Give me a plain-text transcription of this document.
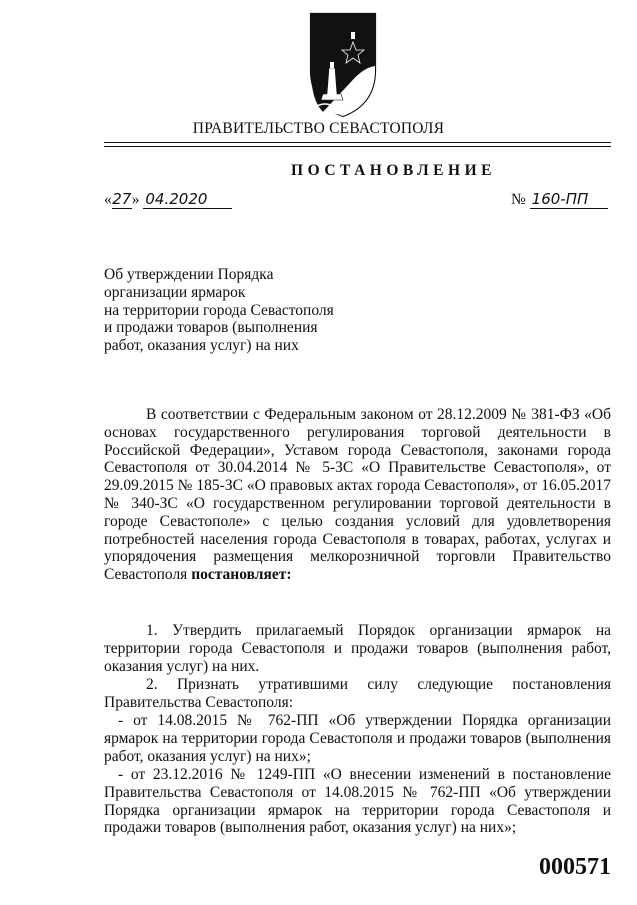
ПРАВИТЕЛЬСТВО СЕВАСТОПОЛЯ
ПОСТАНОВЛЕНИЕ
«27» 04.2020	№ 160-ПП
Об утверждении Порядка
организации ярмарок
на территории города Севастополя
и продажи товаров (выполнения
работ, оказания услуг) на них

В соответствии с Федеральным законом от 28.12.2009 № 381-ФЗ «Об основах государственного регулирования торговой деятельности в Российской Федерации», Уставом города Севастополя, законами города Севастополя от 30.04.2014 № 5-ЗС «О Правительстве Севастополя», от 29.09.2015 № 185-ЗС «О правовых актах города Севастополя», от 16.05.2017 № 340-ЗС «О государственном регулировании торговой деятельности в городе Севастополе» с целью создания условий для удовлетворения потребностей населения города Севастополя в товарах, работах, услугах и упорядочения размещения мелкорозничной торговли Правительство Севастополя постановляет:

1. Утвердить прилагаемый Порядок организации ярмарок на территории города Севастополя и продажи товаров (выполнения работ, оказания услуг) на них.

2. Признать утратившими силу следующие постановления Правительства Севастополя:

- от 14.08.2015 № 762-ПП «Об утверждении Порядка организации ярмарок на территории города Севастополя и продажи товаров (выполнения работ, оказания услуг) на них»;

- от 23.12.2016 № 1249-ПП «О внесении изменений в постановление Правительства Севастополя от 14.08.2015 № 762-ПП «Об утверждении Порядка организации ярмарок на территории города Севастополя и продажи товаров (выполнения работ, оказания услуг) на них»;

000571
